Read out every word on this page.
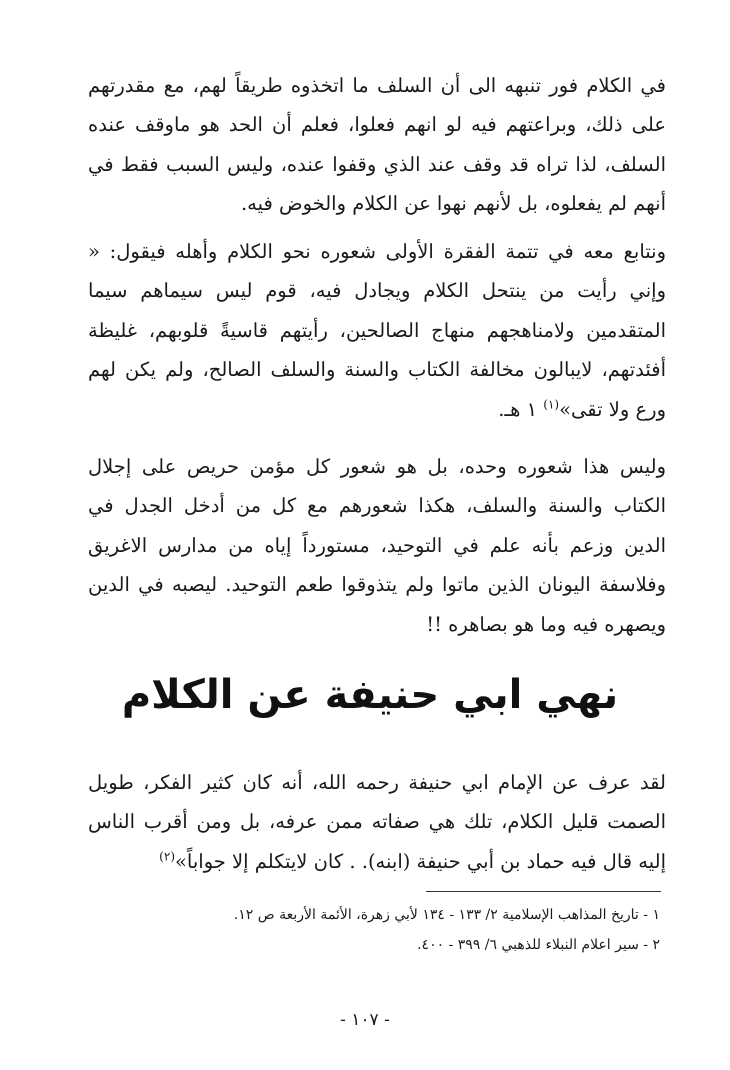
في الكلام فور تنبهه الى أن السلف ما اتخذوه طريقاً لهم، مع مقدرتهم على ذلك، وبراعتهم فيه لو انهم فعلوا، فعلم أن الحد هو ماوقف عنده السلف، لذا تراه قد وقف عند الذي وقفوا عنده، وليس السبب فقط في أنهم لم يفعلوه، بل لأنهم نهوا عن الكلام والخوض فيه.

ونتابع معه في تتمة الفقرة الأولى شعوره نحو الكلام وأهله فيقول: « وإني رأيت من ينتحل الكلام ويجادل فيه، قوم ليس سيماهم سيما المتقدمين ولامناهجهم منهاج الصالحين، رأيتهم قاسيةً قلوبهم، غليظة أفئدتهم، لايبالون مخالفة الكتاب والسنة والسلف الصالح، ولم يكن لهم ورع ولا تقى»$^{(١)}$ ١ هـ.

وليس هذا شعوره وحده، بل هو شعور كل مؤمن حريص على إجلال الكتاب والسنة والسلف، هكذا شعورهم مع كل من أدخل الجدل في الدين وزعم بأنه علم في التوحيد، مستورداً إياه من مدارس الاغريق وفلاسفة اليونان الذين ماتوا ولم يتذوقوا طعم التوحيد. ليصبه في الدين ويصهره فيه وما هو بصاهره !!

نهي ابي حنيفة عن الكلام

لقد عرف عن الإمام ابي حنيفة رحمه الله، أنه كان كثير الفكر، طويل الصمت قليل الكلام، تلك هي صفاته ممن عرفه، بل ومن أقرب الناس إليه قال فيه حماد بن أبي حنيفة (ابنه). . كان لايتكلم إلا جواباً»$^{(٢)}$

١ - تاريخ المذاهب الإسلامية ٢/ ١٣٣ - ١٣٤ لأبي زهرة، الأئمة الأربعة ص ١٢.
٢ - سير اعلام النبلاء للذهبي ٦/ ٣٩٩ - ٤٠٠.
- ١٠٧ -
